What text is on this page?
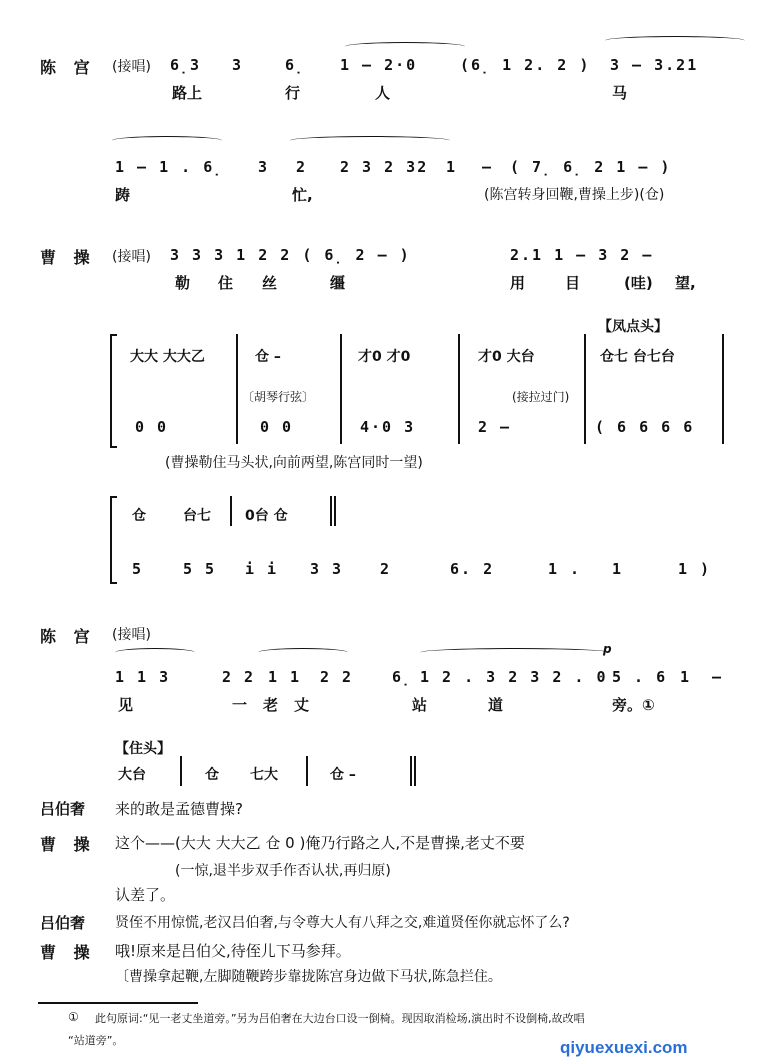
陈 宫 (接唱) 6̣3 3	6̣ 1 – 2·0	(6̣ 1 2. 2 ) 3 – 3.21
路上	行	人	马
1 – 1 . 6̣ 3 2 2 3 2 32 1 – ( 7̣ 6̣ 2 1 – )
踌	忙,	(陈宫转身回鞭,曹操上步)(仓)
曹 操 (接唱) 3 3 3 1 2 2 ( 6̣ 2 – )	2.1 1 – 3 2 –
勒 住 丝	缰	用	目	(哇) 望,
【凤点头】
大大 大大乙	仓 –	才0 才0	才0 大台	仓七 台七台
〔胡琴行弦〕	(接拉过门)
0 0	0 0	4·0 3	2 –	( 6 6 6 6
(曹操勒住马头状,向前两望,陈宫同时一望)
仓	台七 0台 仓
5	5 5 i i 3 3 2	6. 2	1 . 1	1 )
陈 宫 (接唱)
p
1 1 3	2 2 1 1 2 2	6̣ 1 2 . 3 2 3 2 . 0 5 . 6 1 –
见	一老丈	站	道	旁。①
【住头】
大台	仓 七大	仓 –
吕伯奢 来的敢是孟德曹操?
曹 操 这个——(大大 大大乙 仓 0 )俺乃行路之人,不是曹操,老丈不要
(一惊,退半步双手作否认状,再归原)
认差了。
吕伯奢 贤侄不用惊慌,老汉吕伯奢,与令尊大人有八拜之交,难道贤侄你就忘怀了么?
曹 操 哦!原来是吕伯父,待侄儿下马参拜。
〔曹操拿起鞭,左脚随鞭跨步靠拢陈宫身边做下马状,陈急拦住。
① 此句原词:“见一老丈坐道旁。”另为吕伯奢在大边台口设一倒椅。现因取消检场,演出时不设倒椅,故改唱
“站道旁”。	qiyuexuexi.com
